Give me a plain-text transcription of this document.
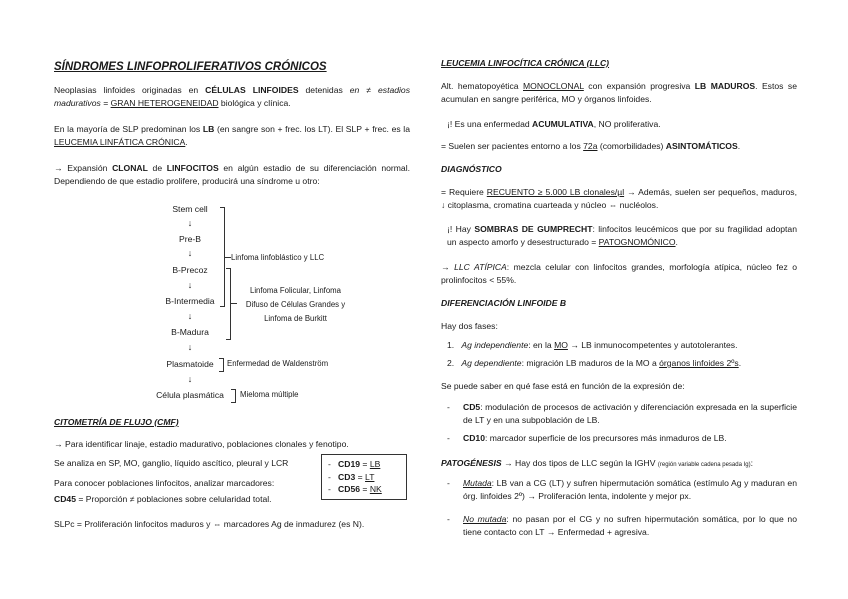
SÍNDROMES LINFOPROLIFERATIVOS CRÓNICOS
Neoplasias linfoides originadas en CÉLULAS LINFOIDES detenidas en ≠ estadios madurativos = GRAN HETEROGENEIDAD biológica y clínica.
En la mayoría de SLP predominan los LB (en sangre son + frec. los LT). El SLP + frec. es la LEUCEMIA LINFÁTICA CRÓNICA.
→ Expansión CLONAL de LINFOCITOS en algún estadio de su diferenciación normal. Dependiendo de que estadio prolifere, producirá una síndrome u otro:
Stem cell
↓
Pre-B
↓
B-Precoz
↓
B-Intermedia
↓
B-Madura
↓
Plasmatoide
↓
Célula plasmática
Linfoma linfoblástico y LLC
Linfoma Folicular, Linfoma
Difuso de Células Grandes y
Linfoma de Burkitt
Enfermedad de Waldenström
Mieloma múltiple
CITOMETRÍA DE FLUJO (CMF)
→ Para identificar linaje, estadio madurativo, poblaciones clonales y fenotipo.
Se analiza en SP, MO, ganglio, líquido ascítico, pleural y LCR
Para conocer poblaciones linfocitos, analizar marcadores:
CD45 = Proporción ≠ poblaciones sobre celularidad total.
- CD19 = LB
- CD3 = LT
- CD56 = NK
SLPc = Proliferación linfocitos maduros y ⇔ marcadores Ag de inmadurez (es N).
LEUCEMIA LINFOCÍTICA CRÓNICA (LLC)
Alt. hematopoyética MONOCLONAL con expansión progresiva LB MADUROS. Estos se acumulan en sangre periférica, MO y órganos linfoides.
¡! Es una enfermedad ACUMULATIVA, NO proliferativa.
= Suelen ser pacientes entorno a los 72a (comorbilidades) ASINTOMÁTICOS.
DIAGNÓSTICO
= Requiere RECUENTO ≥ 5.000 LB clonales/µl → Además, suelen ser pequeños, maduros, ↓ citoplasma, cromatina cuarteada y núcleo ⇔ nucléolos.
¡! Hay SOMBRAS DE GUMPRECHT: linfocitos leucémicos que por su fragilidad adoptan un aspecto amorfo y desestructurado = PATOGNOMÓNICO.
→ LLC ATÍPICA: mezcla celular con linfocitos grandes, morfología atípica, núcleo fez o prolinfocitos < 55%.
DIFERENCIACIÓN LINFOIDE B
Hay dos fases:
1. Ag independiente: en la MO → LB inmunocompetentes y autotolerantes.
2. Ag dependiente: migración LB maduros de la MO a órganos linfoides 2ºs.
Se puede saber en qué fase está en función de la expresión de:
- CD5: modulación de procesos de activación y diferenciación expresada en la superficie de LT y en una subpoblación de LB.
- CD10: marcador superficie de los precursores más inmaduros de LB.
PATOGÉNESIS → Hay dos tipos de LLC según la IGHV (región variable cadena pesada Ig):
- Mutada: LB van a CG (LT) y sufren hipermutación somática (estímulo Ag y maduran en órg. linfoides 2º) → Proliferación lenta, indolente y mejor px.
- No mutada: no pasan por el CG y no sufren hipermutación somática, por lo que no tiene contacto con LT → Enfermedad + agresiva.
